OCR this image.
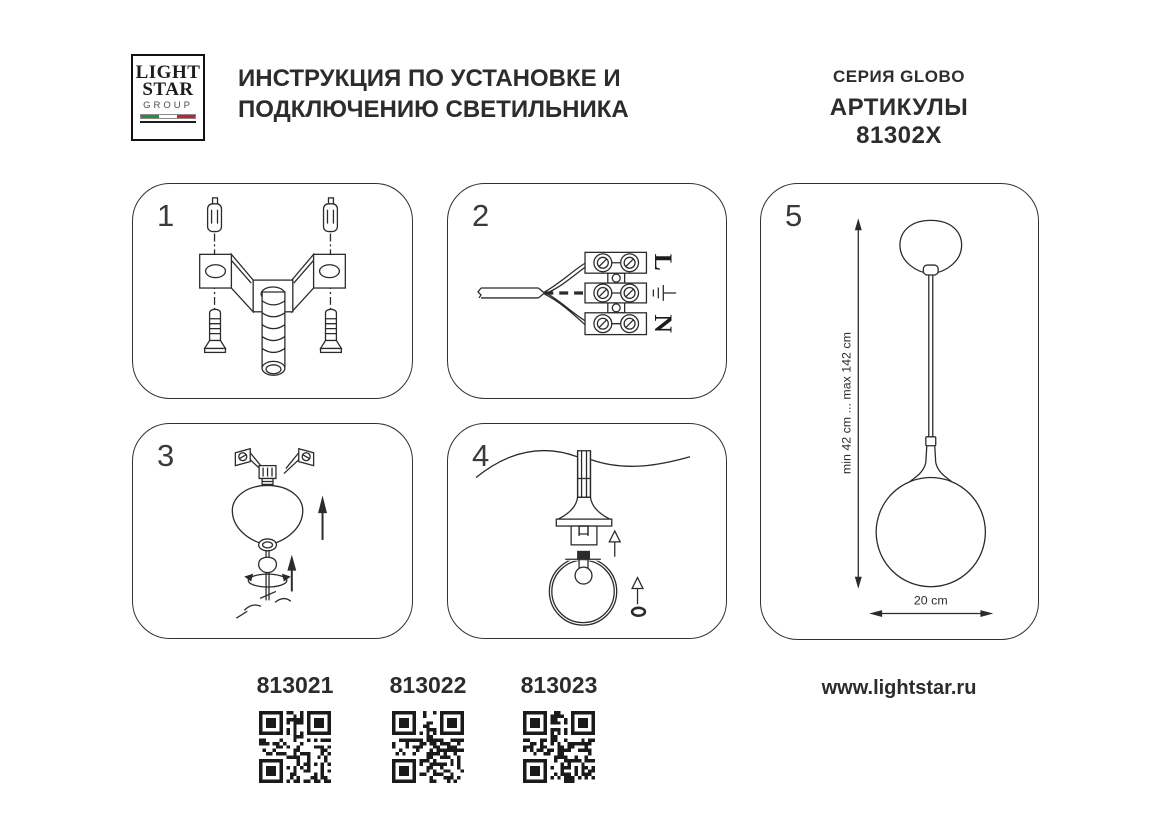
LIGHT
STAR
GROUP
ИНСТРУКЦИЯ ПО УСТАНОВКЕ И
ПОДКЛЮЧЕНИЮ СВЕТИЛЬНИКА
СЕРИЯ GLOBO
АРТИКУЛЫ 81302X
1	2
L
N
3	4
5
min 42 cm ... max 142 cm
20 cm
813021	813022	813023	www.lightstar.ru
